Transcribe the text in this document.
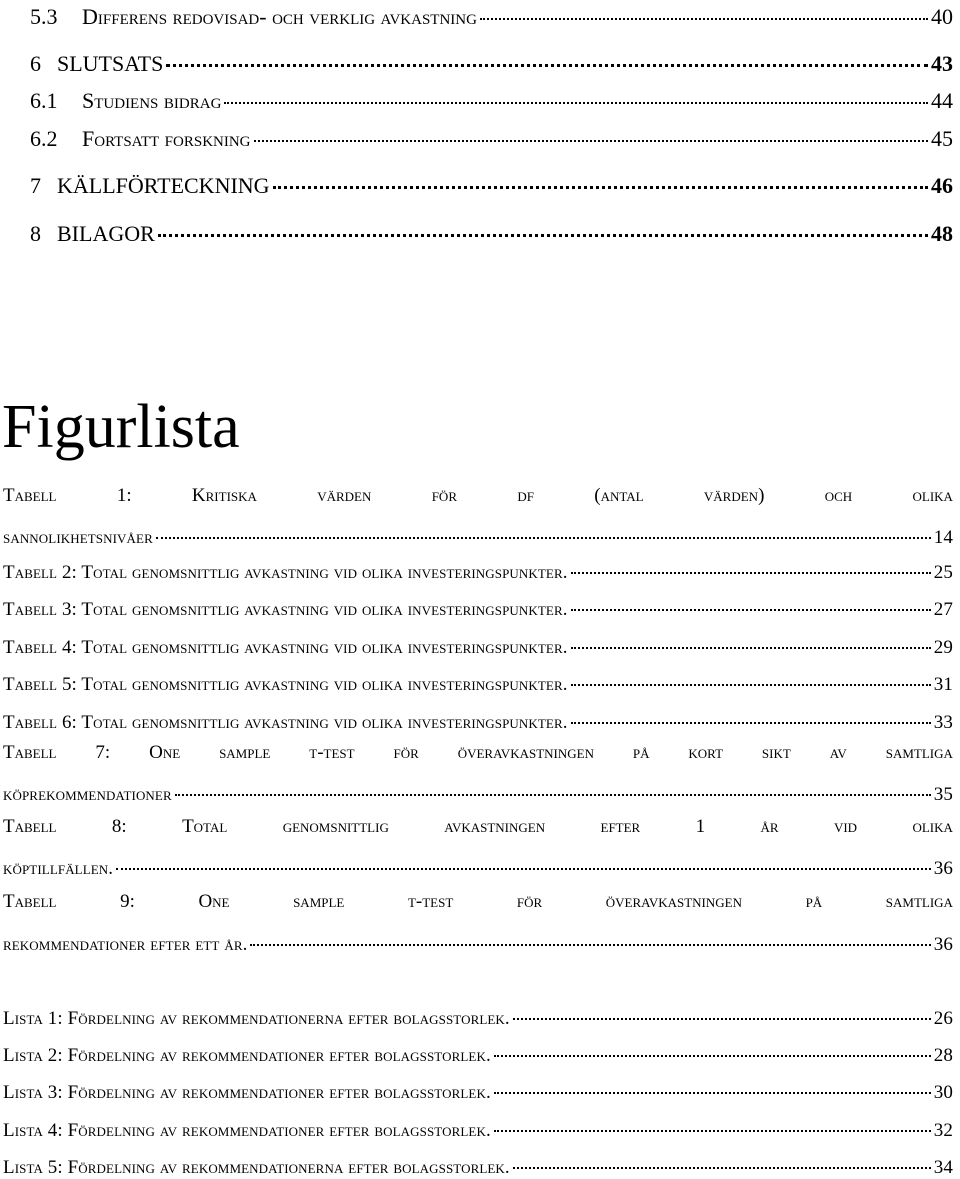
5.3 Differens redovisad- och verklig avkastning	40
6 SLUTSATS	43
6.1 Studiens bidrag	44
6.2 Fortsatt forskning	45
7 KÄLLFÖRTECKNING	46
8 BILAGOR	48
Figurlista
Tabell	1:	Kritiska	värden	för	df	(antal	värden)	och	olika
sannolikhetsnivåer	14
Tabell 2: Total genomsnittlig avkastning vid olika investeringspunkter.	25
Tabell 3: Total genomsnittlig avkastning vid olika investeringspunkter.	27
Tabell 4: Total genomsnittlig avkastning vid olika investeringspunkter.	29
Tabell 5: Total genomsnittlig avkastning vid olika investeringspunkter.	31
Tabell 6: Total genomsnittlig avkastning vid olika investeringspunkter.	33
Tabell 7: One sample t-test för överavkastningen på kort sikt av samtliga
köprekommendationer	35
Tabell	8:	Total	genomsnittlig	avkastningen	efter	1	år	vid	olika
köptillfällen.	36
Tabell	9:	One	sample	t-test	för	överavkastningen	på	samtliga
rekommendationer efter ett år.	36
Lista 1: Fördelning av rekommendationerna efter bolagsstorlek.	26
Lista 2: Fördelning av rekommendationer efter bolagsstorlek.	28
Lista 3: Fördelning av rekommendationer efter bolagsstorlek.	30
Lista 4: Fördelning av rekommendationer efter bolagsstorlek.	32
Lista 5: Fördelning av rekommendationerna efter bolagsstorlek.	34
